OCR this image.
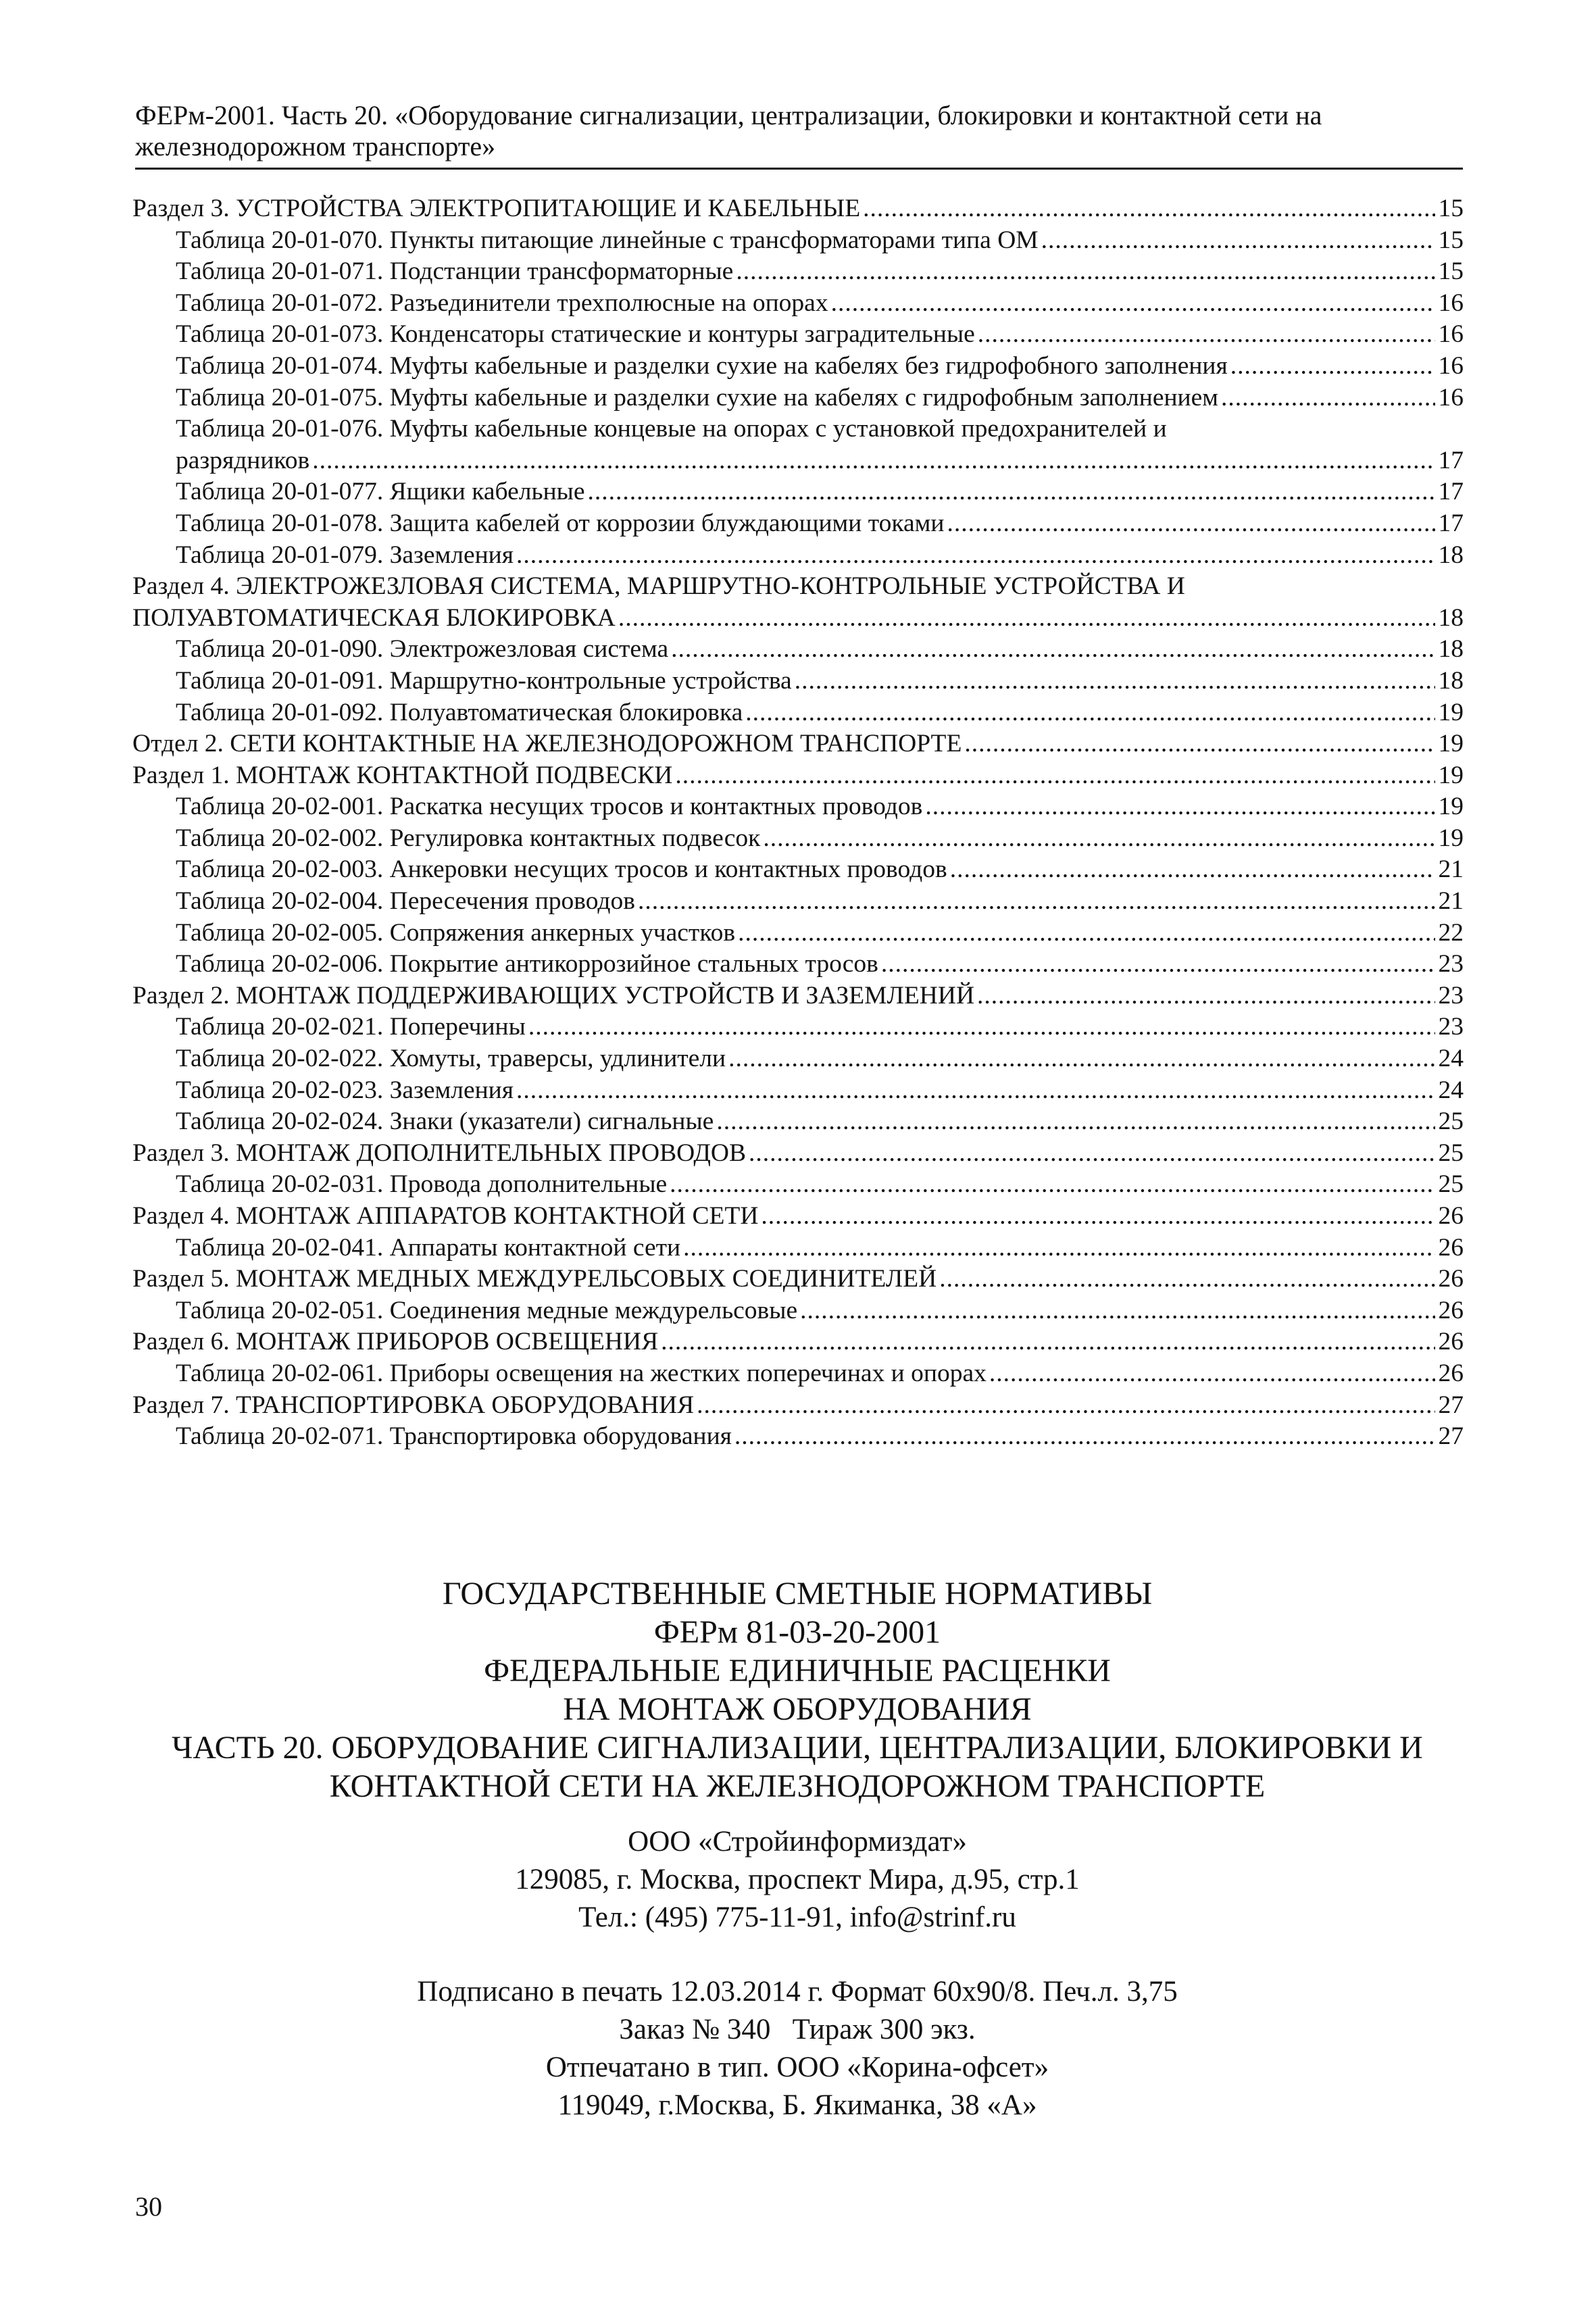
ФЕРм-2001. Часть 20. «Оборудование сигнализации, централизации, блокировки и контактной сети на
железнодорожном транспорте»
Раздел 3. УСТРОЙСТВА ЭЛЕКТРОПИТАЮЩИЕ И КАБЕЛЬНЫЕ .....	15
Таблица 20-01-070. Пункты питающие линейные с трансформаторами типа ОМ .....	15
Таблица 20-01-071. Подстанции трансформаторные .....	15
Таблица 20-01-072. Разъединители трехполюсные на опорах .....	16
Таблица 20-01-073. Конденсаторы статические и контуры заградительные .....	16
Таблица 20-01-074. Муфты кабельные и разделки сухие на кабелях без гидрофобного заполнения .....	16
Таблица 20-01-075. Муфты кабельные и разделки сухие на кабелях с гидрофобным заполнением .....	16
Таблица 20-01-076. Муфты кабельные концевые на опорах с установкой предохранителей и
разрядников .....	17
Таблица 20-01-077. Ящики кабельные .....	17
Таблица 20-01-078. Защита кабелей от коррозии блуждающими токами .....	17
Таблица 20-01-079. Заземления .....	18
Раздел 4. ЭЛЕКТРОЖЕЗЛОВАЯ СИСТЕМА, МАРШРУТНО-КОНТРОЛЬНЫЕ УСТРОЙСТВА И
ПОЛУАВТОМАТИЧЕСКАЯ БЛОКИРОВКА .....	18
Таблица 20-01-090. Электрожезловая система .....	18
Таблица 20-01-091. Маршрутно-контрольные устройства .....	18
Таблица 20-01-092. Полуавтоматическая блокировка .....	19
Отдел 2. СЕТИ КОНТАКТНЫЕ НА ЖЕЛЕЗНОДОРОЖНОМ ТРАНСПОРТЕ .....	19
Раздел 1. МОНТАЖ КОНТАКТНОЙ ПОДВЕСКИ .....	19
Таблица 20-02-001. Раскатка несущих тросов и контактных проводов .....	19
Таблица 20-02-002. Регулировка контактных подвесок .....	19
Таблица 20-02-003. Анкеровки несущих тросов и контактных проводов .....	21
Таблица 20-02-004. Пересечения проводов .....	21
Таблица 20-02-005. Сопряжения анкерных участков .....	22
Таблица 20-02-006. Покрытие антикоррозийное стальных тросов .....	23
Раздел 2. МОНТАЖ ПОДДЕРЖИВАЮЩИХ УСТРОЙСТВ И ЗАЗЕМЛЕНИЙ .....	23
Таблица 20-02-021. Поперечины .....	23
Таблица 20-02-022. Хомуты, траверсы, удлинители .....	24
Таблица 20-02-023. Заземления .....	24
Таблица 20-02-024. Знаки (указатели) сигнальные .....	25
Раздел 3. МОНТАЖ ДОПОЛНИТЕЛЬНЫХ ПРОВОДОВ .....	25
Таблица 20-02-031. Провода дополнительные .....	25
Раздел 4. МОНТАЖ АППАРАТОВ КОНТАКТНОЙ СЕТИ .....	26
Таблица 20-02-041. Аппараты контактной сети .....	26
Раздел 5. МОНТАЖ МЕДНЫХ МЕЖДУРЕЛЬСОВЫХ СОЕДИНИТЕЛЕЙ .....	26
Таблица 20-02-051. Соединения медные междурельсовые .....	26
Раздел 6. МОНТАЖ ПРИБОРОВ ОСВЕЩЕНИЯ .....	26
Таблица 20-02-061. Приборы освещения на жестких поперечинах и опорах .....	26
Раздел 7. ТРАНСПОРТИРОВКА ОБОРУДОВАНИЯ .....	27
Таблица 20-02-071. Транспортировка оборудования .....	27
ГОСУДАРСТВЕННЫЕ СМЕТНЫЕ НОРМАТИВЫ
ФЕРм 81-03-20-2001
ФЕДЕРАЛЬНЫЕ ЕДИНИЧНЫЕ РАСЦЕНКИ
НА МОНТАЖ ОБОРУДОВАНИЯ
ЧАСТЬ 20. ОБОРУДОВАНИЕ СИГНАЛИЗАЦИИ, ЦЕНТРАЛИЗАЦИИ, БЛОКИРОВКИ И
КОНТАКТНОЙ СЕТИ НА ЖЕЛЕЗНОДОРОЖНОМ ТРАНСПОРТЕ
ООО «Стройинформиздат»
129085, г. Москва, проспект Мира, д.95, стр.1
Тел.: (495) 775-11-91, info@strinf.ru
Подписано в печать 12.03.2014 г. Формат 60х90/8. Печ.л. 3,75
Заказ № 340   Тираж 300 экз.
Отпечатано в тип. ООО «Корина-офсет»
119049, г.Москва, Б. Якиманка, 38 «А»
30
